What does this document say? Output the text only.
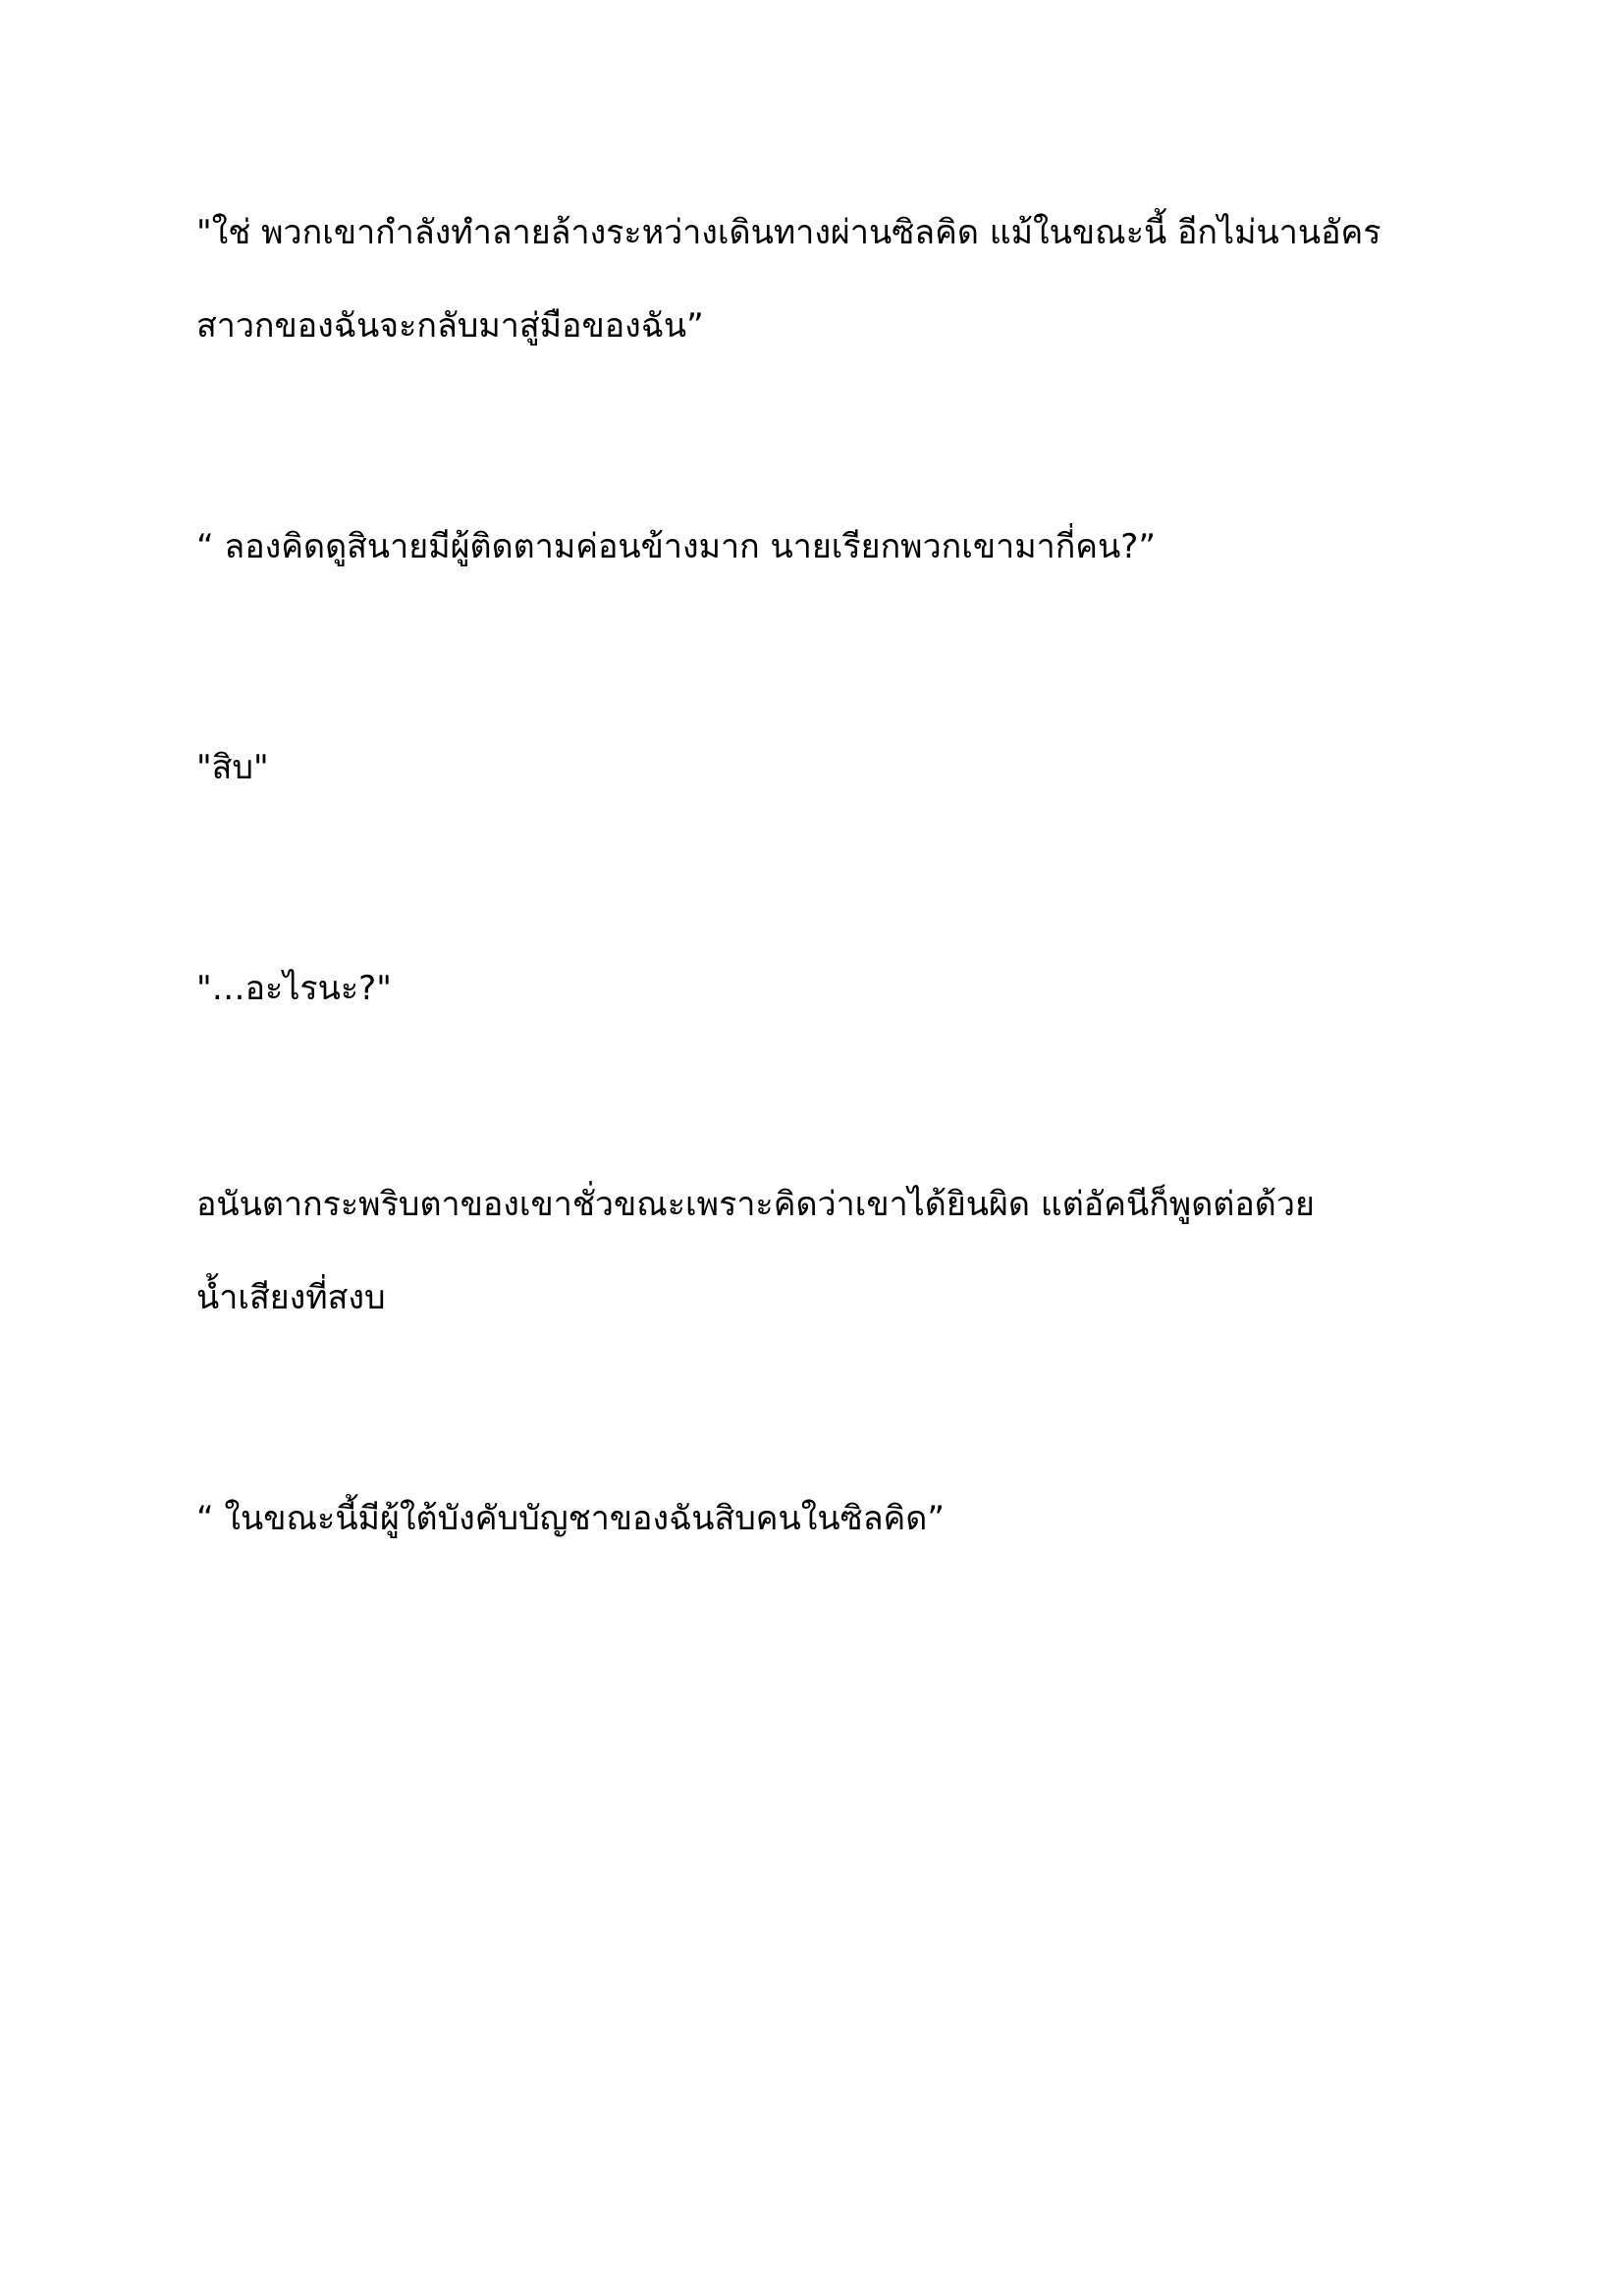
"ใช่ พวกเขากำลังทำลายล้างระหว่างเดินทางผ่านซิลคิด แม้ในขณะนี้ อีกไม่นานอัคร
สาวกของฉันจะกลับมาสู่มือของฉัน”

“ ลองคิดดูสินายมีผู้ติดตามค่อนข้างมาก นายเรียกพวกเขามากี่คน?”

"สิบ"

"…อะไรนะ?"

อนันตากระพริบตาของเขาชั่วขณะเพราะคิดว่าเขาได้ยินผิด แต่อัคนีก็พูดต่อด้วย
น้ำเสียงที่สงบ

“ ในขณะนี้มีผู้ใต้บังคับบัญชาของฉันสิบคนในซิลคิด”
